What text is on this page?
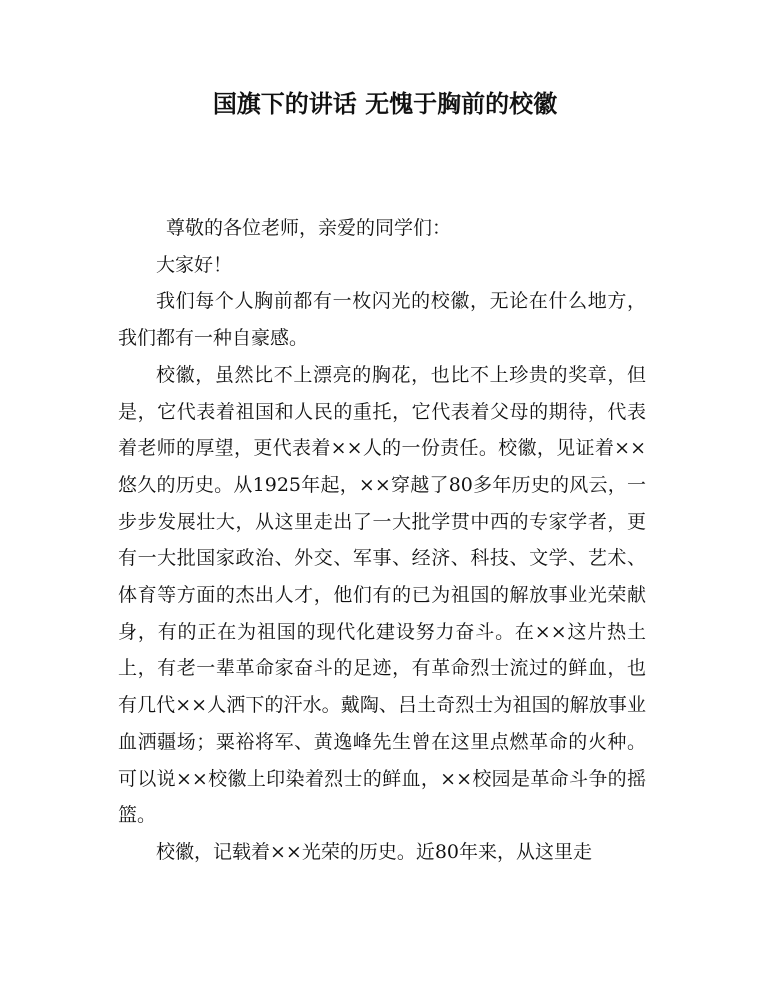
国旗下的讲话 无愧于胸前的校徽

尊敬的各位老师，亲爱的同学们：

大家好！

我们每个人胸前都有一枚闪光的校徽，无论在什么地方，我们都有一种自豪感。

校徽，虽然比不上漂亮的胸花，也比不上珍贵的奖章，但是，它代表着祖国和人民的重托，它代表着父母的期待，代表着老师的厚望，更代表着××人的一份责任。校徽，见证着××悠久的历史。从1925年起，××穿越了80多年历史的风云，一步步发展壮大，从这里走出了一大批学贯中西的专家学者，更有一大批国家政治、外交、军事、经济、科技、文学、艺术、体育等方面的杰出人才，他们有的已为祖国的解放事业光荣献身，有的正在为祖国的现代化建设努力奋斗。在××这片热土上，有老一辈革命家奋斗的足迹，有革命烈士流过的鲜血，也有几代××人洒下的汗水。戴陶、吕土奇烈士为祖国的解放事业血洒疆场；粟裕将军、黄逸峰先生曾在这里点燃革命的火种。可以说××校徽上印染着烈士的鲜血，××校园是革命斗争的摇篮。

校徽，记载着××光荣的历史。近80年来，从这里走
